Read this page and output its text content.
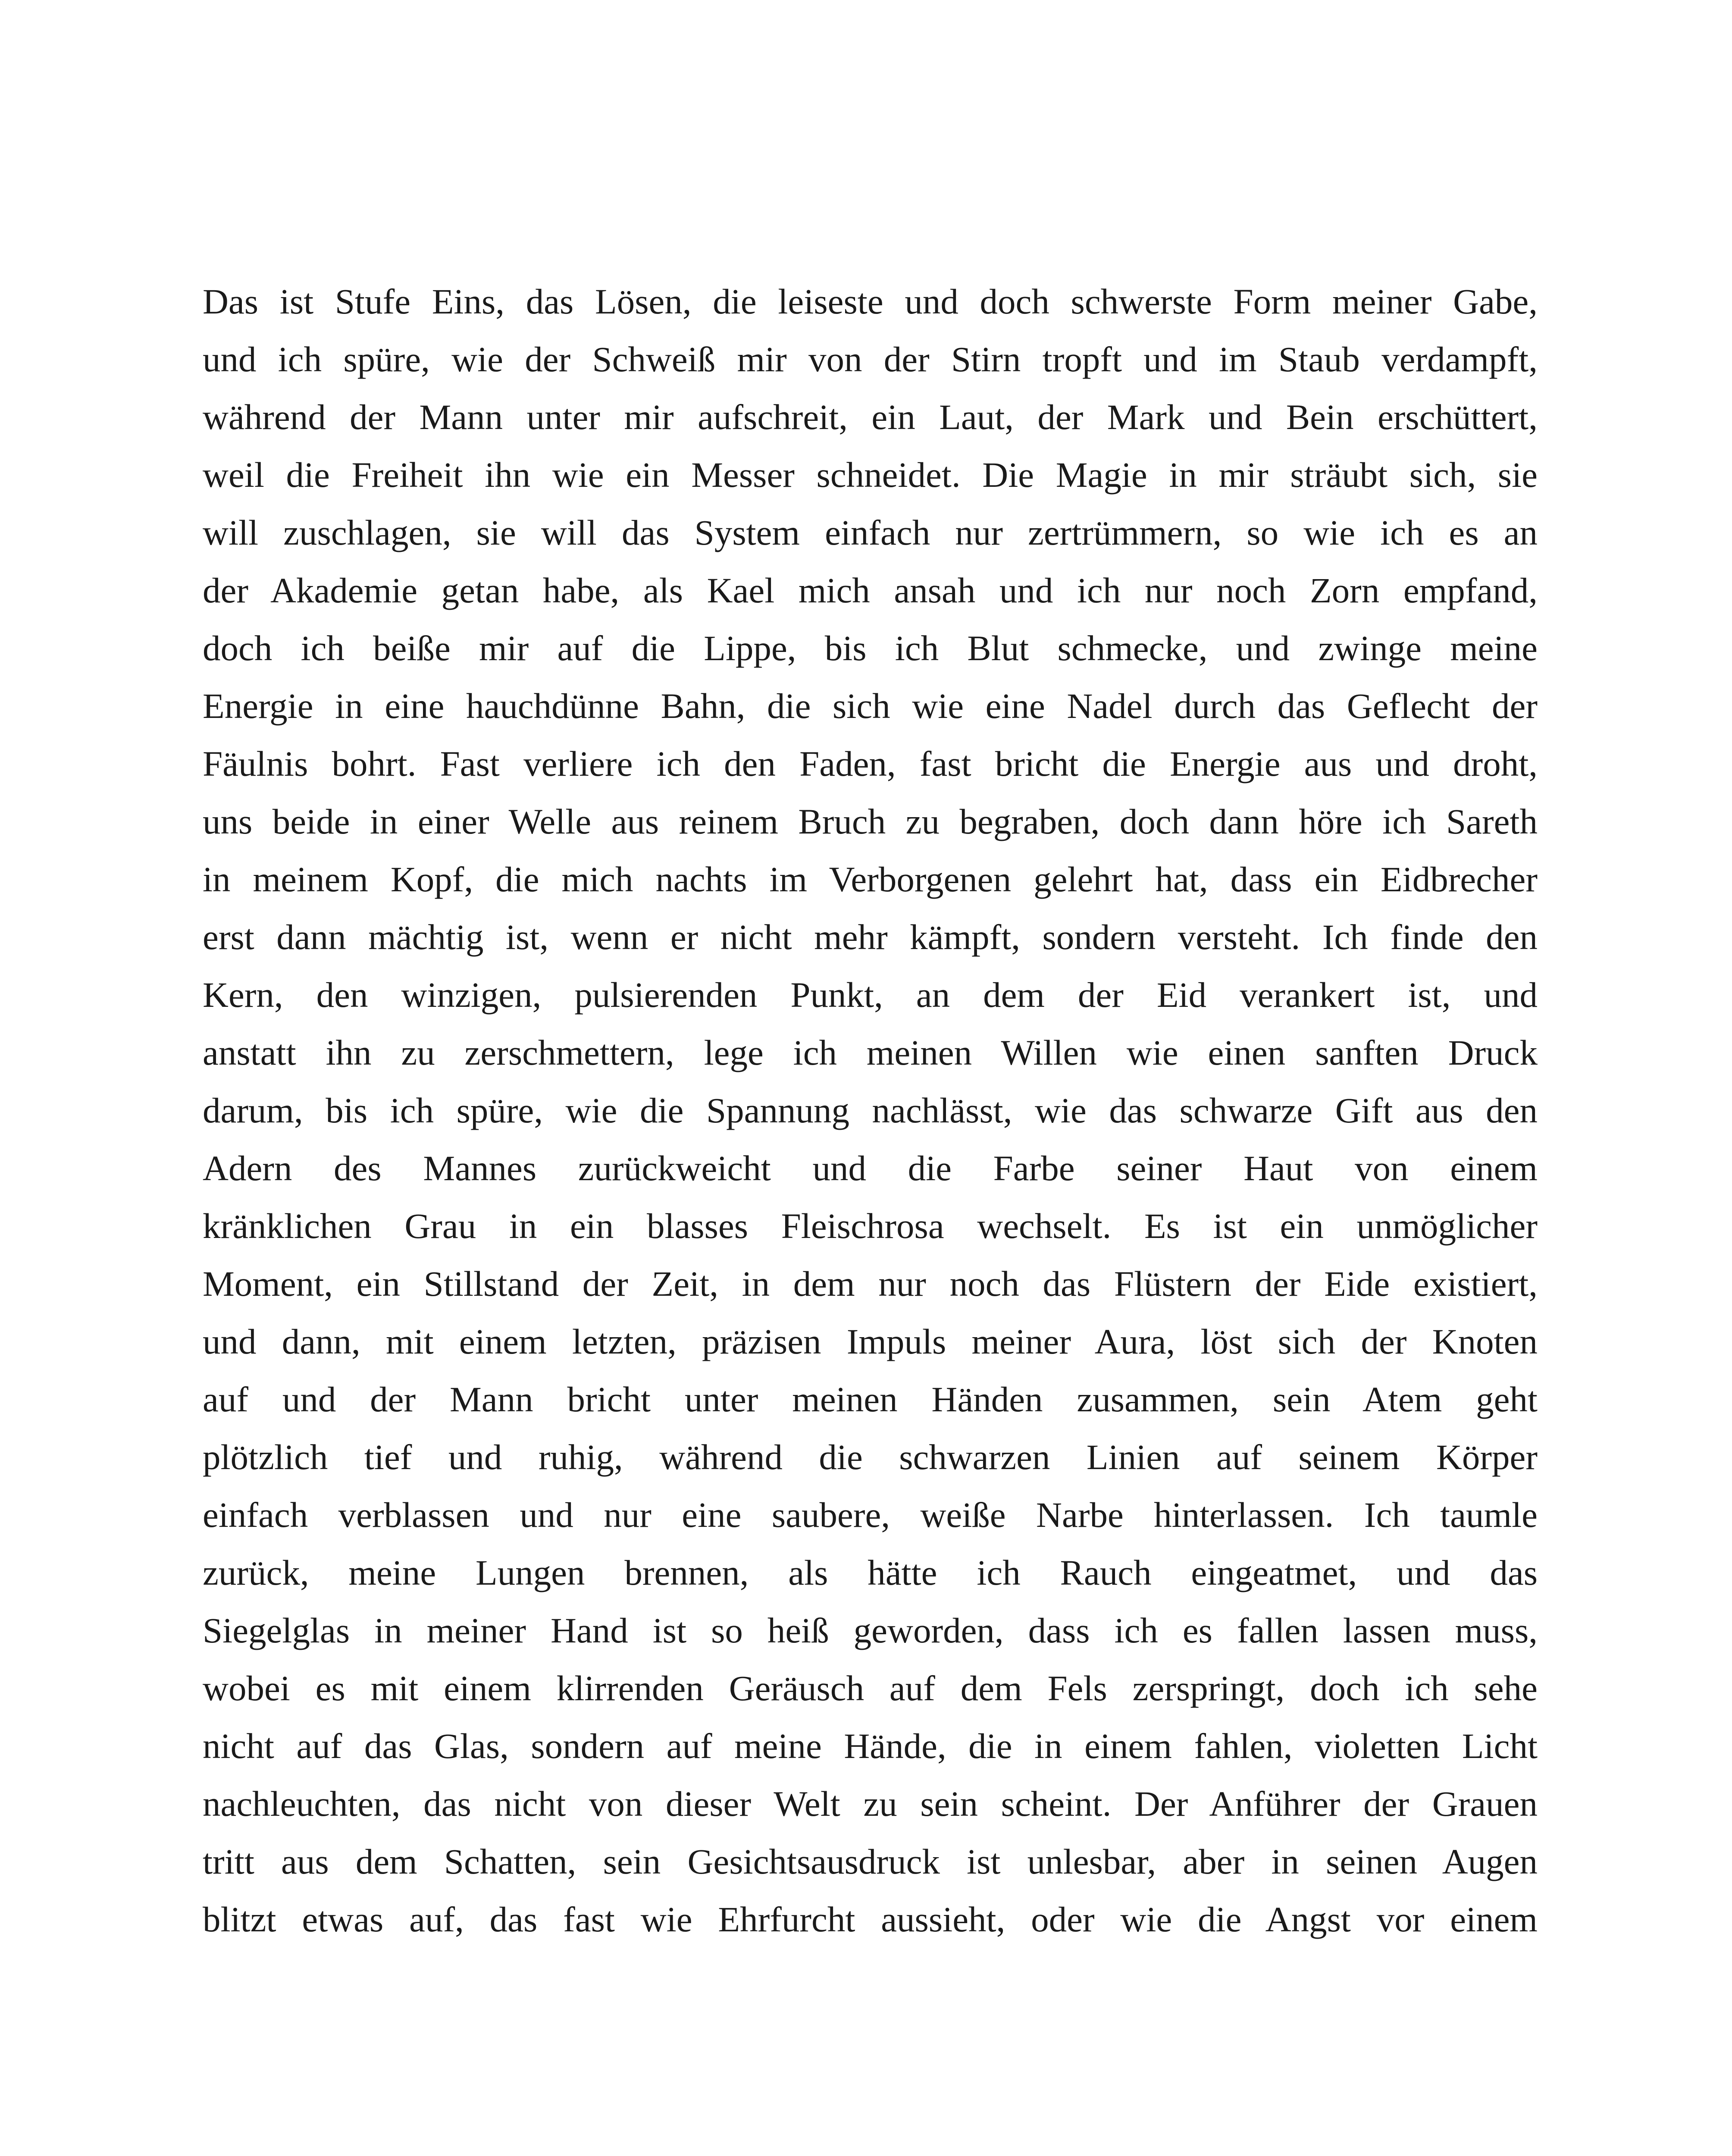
Das ist Stufe Eins, das Lösen, die leiseste und doch schwerste Form meiner Gabe,
und ich spüre, wie der Schweiß mir von der Stirn tropft und im Staub verdampft,
während der Mann unter mir aufschreit, ein Laut, der Mark und Bein erschüttert,
weil die Freiheit ihn wie ein Messer schneidet. Die Magie in mir sträubt sich, sie
will zuschlagen, sie will das System einfach nur zertrümmern, so wie ich es an
der Akademie getan habe, als Kael mich ansah und ich nur noch Zorn empfand,
doch ich beiße mir auf die Lippe, bis ich Blut schmecke, und zwinge meine
Energie in eine hauchdünne Bahn, die sich wie eine Nadel durch das Geflecht der
Fäulnis bohrt. Fast verliere ich den Faden, fast bricht die Energie aus und droht,
uns beide in einer Welle aus reinem Bruch zu begraben, doch dann höre ich Sareth
in meinem Kopf, die mich nachts im Verborgenen gelehrt hat, dass ein Eidbrecher
erst dann mächtig ist, wenn er nicht mehr kämpft, sondern versteht. Ich finde den
Kern, den winzigen, pulsierenden Punkt, an dem der Eid verankert ist, und
anstatt ihn zu zerschmettern, lege ich meinen Willen wie einen sanften Druck
darum, bis ich spüre, wie die Spannung nachlässt, wie das schwarze Gift aus den
Adern des Mannes zurückweicht und die Farbe seiner Haut von einem
kränklichen Grau in ein blasses Fleischrosa wechselt. Es ist ein unmöglicher
Moment, ein Stillstand der Zeit, in dem nur noch das Flüstern der Eide existiert,
und dann, mit einem letzten, präzisen Impuls meiner Aura, löst sich der Knoten
auf und der Mann bricht unter meinen Händen zusammen, sein Atem geht
plötzlich tief und ruhig, während die schwarzen Linien auf seinem Körper
einfach verblassen und nur eine saubere, weiße Narbe hinterlassen. Ich taumle
zurück, meine Lungen brennen, als hätte ich Rauch eingeatmet, und das
Siegelglas in meiner Hand ist so heiß geworden, dass ich es fallen lassen muss,
wobei es mit einem klirrenden Geräusch auf dem Fels zerspringt, doch ich sehe
nicht auf das Glas, sondern auf meine Hände, die in einem fahlen, violetten Licht
nachleuchten, das nicht von dieser Welt zu sein scheint. Der Anführer der Grauen
tritt aus dem Schatten, sein Gesichtsausdruck ist unlesbar, aber in seinen Augen
blitzt etwas auf, das fast wie Ehrfurcht aussieht, oder wie die Angst vor einem
